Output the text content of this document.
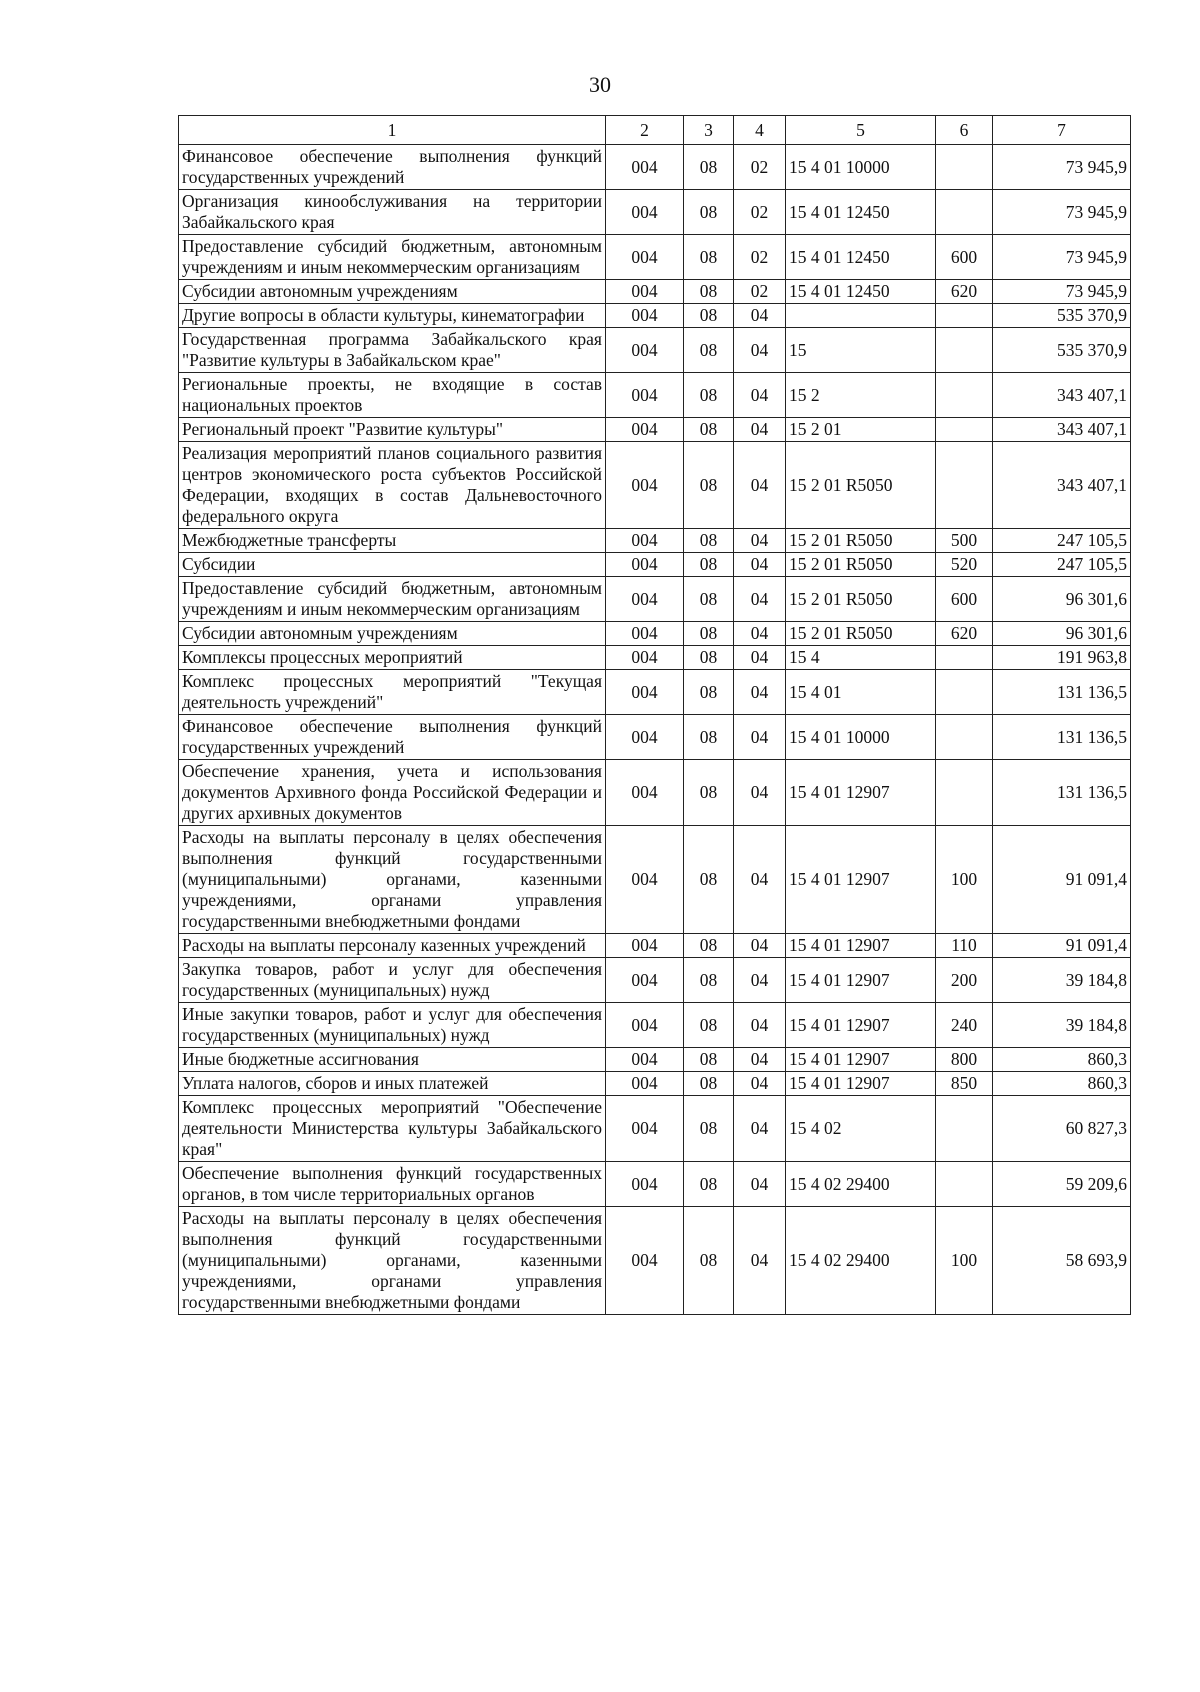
30
1	2	3	4	5	6	7
Финансовое обеспечение выполнения функций государственных учреждений	004	08	02	15 4 01 10000		73 945,9
Организация кинообслуживания на территории Забайкальского края	004	08	02	15 4 01 12450		73 945,9
Предоставление субсидий бюджетным, автономным учреждениям и иным некоммерческим организациям	004	08	02	15 4 01 12450	600	73 945,9
Субсидии автономным учреждениям	004	08	02	15 4 01 12450	620	73 945,9
Другие вопросы в области культуры, кинематографии	004	08	04			535 370,9
Государственная программа Забайкальского края "Развитие культуры в Забайкальском крае"	004	08	04	15		535 370,9
Региональные проекты, не входящие в состав национальных проектов	004	08	04	15 2		343 407,1
Региональный проект "Развитие культуры"	004	08	04	15 2 01		343 407,1
Реализация мероприятий планов социального развития центров экономического роста субъектов Российской Федерации, входящих в состав Дальневосточного федерального округа	004	08	04	15 2 01 R5050		343 407,1
Межбюджетные трансферты	004	08	04	15 2 01 R5050	500	247 105,5
Субсидии	004	08	04	15 2 01 R5050	520	247 105,5
Предоставление субсидий бюджетным, автономным учреждениям и иным некоммерческим организациям	004	08	04	15 2 01 R5050	600	96 301,6
Субсидии автономным учреждениям	004	08	04	15 2 01 R5050	620	96 301,6
Комплексы процессных мероприятий	004	08	04	15 4		191 963,8
Комплекс процессных мероприятий "Текущая деятельность учреждений"	004	08	04	15 4 01		131 136,5
Финансовое обеспечение выполнения функций государственных учреждений	004	08	04	15 4 01 10000		131 136,5
Обеспечение хранения, учета и использования документов Архивного фонда Российской Федерации и других архивных документов	004	08	04	15 4 01 12907		131 136,5
Расходы на выплаты персоналу в целях обеспечения выполнения функций государственными (муниципальными) органами, казенными учреждениями, органами управления государственными внебюджетными фондами	004	08	04	15 4 01 12907	100	91 091,4
Расходы на выплаты персоналу казенных учреждений	004	08	04	15 4 01 12907	110	91 091,4
Закупка товаров, работ и услуг для обеспечения государственных (муниципальных) нужд	004	08	04	15 4 01 12907	200	39 184,8
Иные закупки товаров, работ и услуг для обеспечения государственных (муниципальных) нужд	004	08	04	15 4 01 12907	240	39 184,8
Иные бюджетные ассигнования	004	08	04	15 4 01 12907	800	860,3
Уплата налогов, сборов и иных платежей	004	08	04	15 4 01 12907	850	860,3
Комплекс процессных мероприятий "Обеспечение деятельности Министерства культуры Забайкальского края"	004	08	04	15 4 02		60 827,3
Обеспечение выполнения функций государственных органов, в том числе территориальных органов	004	08	04	15 4 02 29400		59 209,6
Расходы на выплаты персоналу в целях обеспечения выполнения функций государственными (муниципальными) органами, казенными учреждениями, органами управления государственными внебюджетными фондами	004	08	04	15 4 02 29400	100	58 693,9
